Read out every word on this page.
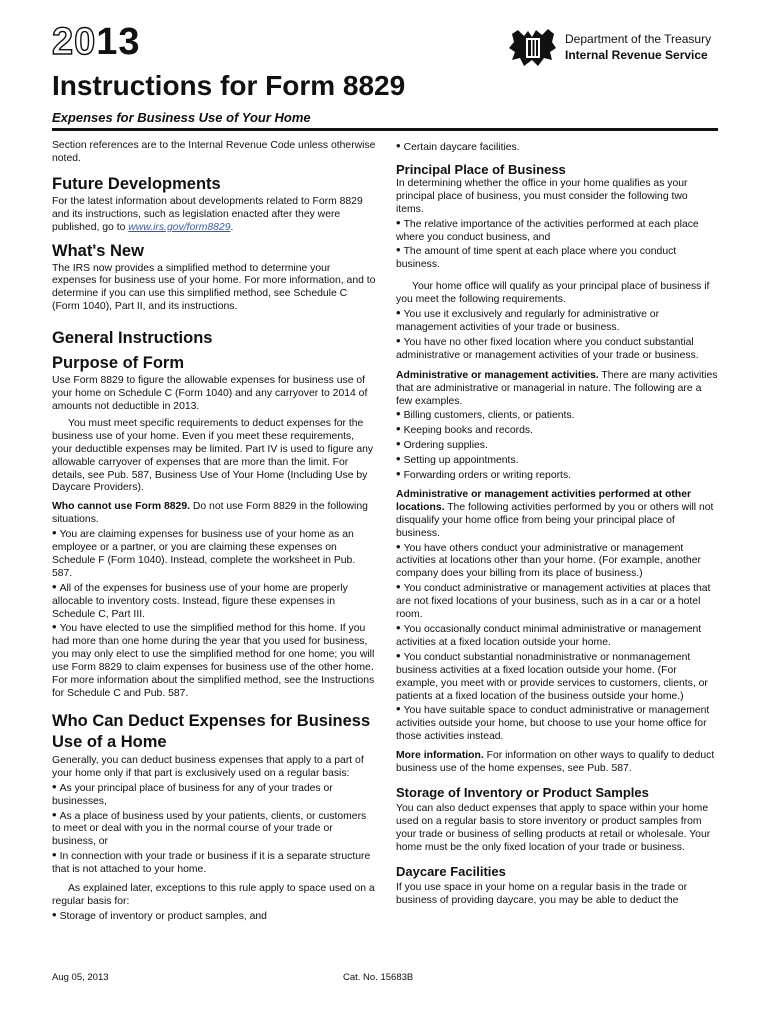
2013	Department of the Treasury
Internal Revenue Service
Instructions for Form 8829
Expenses for Business Use of Your Home

Section references are to the Internal Revenue Code unless otherwise noted.

Future Developments

For the latest information about developments related to Form 8829 and its instructions, such as legislation enacted after they were published, go to www.irs.gov/form8829.

What's New

The IRS now provides a simplified method to determine your expenses for business use of your home. For more information, and to determine if you can use this simplified method, see Schedule C (Form 1040), Part II, and its instructions.

General Instructions

Purpose of Form

Use Form 8829 to figure the allowable expenses for business use of your home on Schedule C (Form 1040) and any carryover to 2014 of amounts not deductible in 2013.

You must meet specific requirements to deduct expenses for the business use of your home. Even if you meet these requirements, your deductible expenses may be limited. Part IV is used to figure any allowable carryover of expenses that are more than the limit. For details, see Pub. 587, Business Use of Your Home (Including Use by Daycare Providers).

Who cannot use Form 8829. Do not use Form 8829 in the following situations.

• You are claiming expenses for business use of your home as an employee or a partner, or you are claiming these expenses on Schedule F (Form 1040). Instead, complete the worksheet in Pub. 587.

• All of the expenses for business use of your home are properly allocable to inventory costs. Instead, figure these expenses in Schedule C, Part III.

• You have elected to use the simplified method for this home. If you had more than one home during the year that you used for business, you may only elect to use the simplified method for one home; you will use Form 8829 to claim expenses for business use of the other home. For more information about the simplified method, see the Instructions for Schedule C and Pub. 587.

Who Can Deduct Expenses for Business Use of a Home

Generally, you can deduct business expenses that apply to a part of your home only if that part is exclusively used on a regular basis:

• As your principal place of business for any of your trades or businesses,

• As a place of business used by your patients, clients, or customers to meet or deal with you in the normal course of your trade or business, or

• In connection with your trade or business if it is a separate structure that is not attached to your home.

As explained later, exceptions to this rule apply to space used on a regular basis for:

• Storage of inventory or product samples, and

• Certain daycare facilities.

Principal Place of Business

In determining whether the office in your home qualifies as your principal place of business, you must consider the following two items.

• The relative importance of the activities performed at each place where you conduct business, and

• The amount of time spent at each place where you conduct business.

Your home office will qualify as your principal place of business if you meet the following requirements.

• You use it exclusively and regularly for administrative or management activities of your trade or business.

• You have no other fixed location where you conduct substantial administrative or management activities of your trade or business.

Administrative or management activities. There are many activities that are administrative or managerial in nature. The following are a few examples.

• Billing customers, clients, or patients.

• Keeping books and records.

• Ordering supplies.

• Setting up appointments.

• Forwarding orders or writing reports.

Administrative or management activities performed at other locations. The following activities performed by you or others will not disqualify your home office from being your principal place of business.

• You have others conduct your administrative or management activities at locations other than your home. (For example, another company does your billing from its place of business.)

• You conduct administrative or management activities at places that are not fixed locations of your business, such as in a car or a hotel room.

• You occasionally conduct minimal administrative or management activities at a fixed location outside your home.

• You conduct substantial nonadministrative or nonmanagement business activities at a fixed location outside your home. (For example, you meet with or provide services to customers, clients, or patients at a fixed location of the business outside your home.)

• You have suitable space to conduct administrative or management activities outside your home, but choose to use your home office for those activities instead.

More information. For information on other ways to qualify to deduct business use of the home expenses, see Pub. 587.

Storage of Inventory or Product Samples

You can also deduct expenses that apply to space within your home used on a regular basis to store inventory or product samples from your trade or business of selling products at retail or wholesale. Your home must be the only fixed location of your trade or business.

Daycare Facilities

If you use space in your home on a regular basis in the trade or business of providing daycare, you may be able to deduct the

Aug 05, 2013	Cat. No. 15683B
